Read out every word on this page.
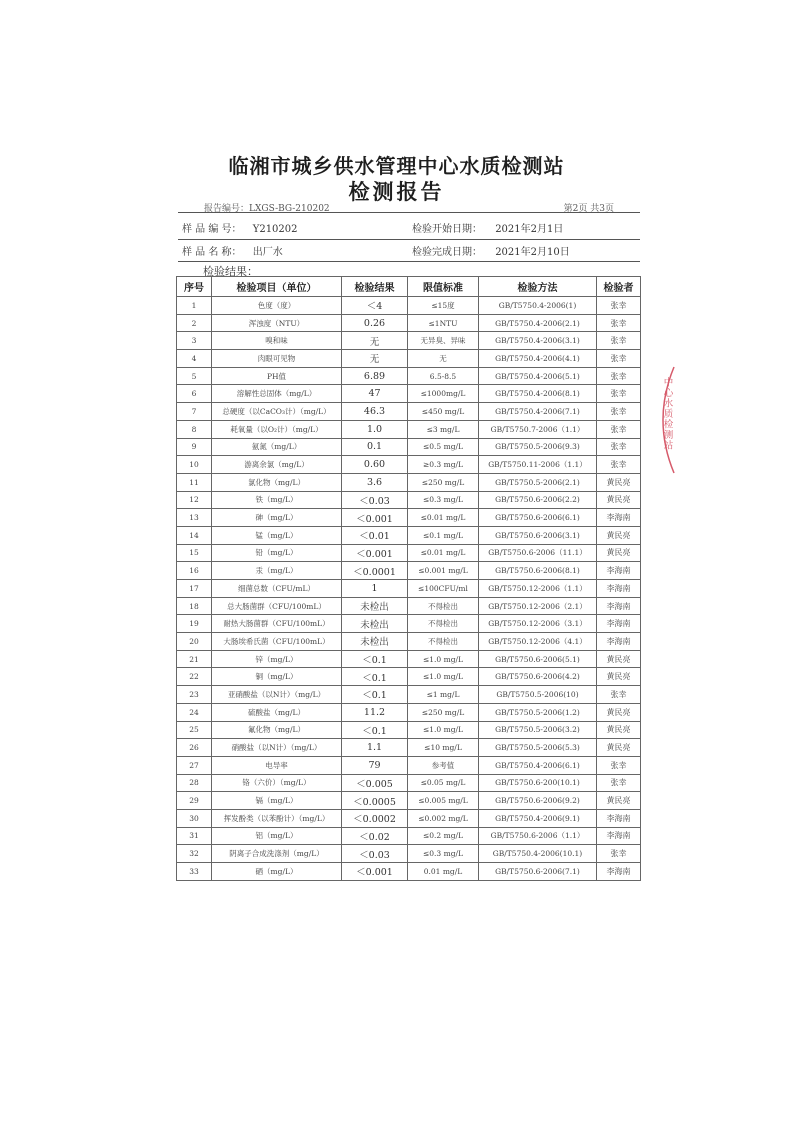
临湘市城乡供水管理中心水质检测站
检测报告
报告编号：LXGS-BG-210202	第2页 共3页
样 品 编 号： Y210202	检验开始日期： 2021年2月1日
样 品 名 称： 出厂水	检验完成日期： 2021年2月10日
检验结果：
序号	检验项目（单位）	检验结果	限值标准	检验方法	检验者
1	色度（度）	＜4	≤15度	GB/T5750.4-2006(1)	张幸
2	浑浊度（NTU）	0.26	≤1NTU	GB/T5750.4-2006(2.1)	张幸
3	嗅和味	无	无异臭、异味	GB/T5750.4-2006(3.1)	张幸
4	肉眼可见物	无	无	GB/T5750.4-2006(4.1)	张幸
5	PH值	6.89	6.5-8.5	GB/T5750.4-2006(5.1)	张幸
6	溶解性总固体（mg/L）	47	≤1000mg/L	GB/T5750.4-2006(8.1)	张幸
7	总硬度（以CaCO₃计）（mg/L）	46.3	≤450 mg/L	GB/T5750.4-2006(7.1)	张幸
8	耗氧量（以O₂计）（mg/L）	1.0	≤3 mg/L	GB/T5750.7-2006（1.1）	张幸
9	氨氮（mg/L）	0.1	≤0.5 mg/L	GB/T5750.5-2006(9.3)	张幸
10	游离余氯（mg/L）	0.60	≥0.3 mg/L	GB/T5750.11-2006（1.1）	张幸
11	氯化物（mg/L）	3.6	≤250 mg/L	GB/T5750.5-2006(2.1)	黄民亮
12	铁（mg/L）	＜0.03	≤0.3 mg/L	GB/T5750.6-2006(2.2)	黄民亮
13	砷（mg/L）	＜0.001	≤0.01 mg/L	GB/T5750.6-2006(6.1)	李海南
14	锰（mg/L）	＜0.01	≤0.1 mg/L	GB/T5750.6-2006(3.1)	黄民亮
15	铅（mg/L）	＜0.001	≤0.01 mg/L	GB/T5750.6-2006（11.1）	黄民亮
16	汞（mg/L）	＜0.0001	≤0.001 mg/L	GB/T5750.6-2006(8.1)	李海南
17	细菌总数（CFU/mL）	1	≤100CFU/ml	GB/T5750.12-2006（1.1）	李海南
18	总大肠菌群（CFU/100mL）	未检出	不得检出	GB/T5750.12-2006（2.1）	李海南
19	耐热大肠菌群（CFU/100mL）	未检出	不得检出	GB/T5750.12-2006（3.1）	李海南
20	大肠埃希氏菌（CFU/100mL）	未检出	不得检出	GB/T5750.12-2006（4.1）	李海南
21	锌（mg/L）	＜0.1	≤1.0 mg/L	GB/T5750.6-2006(5.1)	黄民亮
22	铜（mg/L）	＜0.1	≤1.0 mg/L	GB/T5750.6-2006(4.2)	黄民亮
23	亚硝酸盐（以N计）（mg/L）	＜0.1	≤1 mg/L	GB/T5750.5-2006(10)	张幸
24	硫酸盐（mg/L）	11.2	≤250 mg/L	GB/T5750.5-2006(1.2)	黄民亮
25	氟化物（mg/L）	＜0.1	≤1.0 mg/L	GB/T5750.5-2006(3.2)	黄民亮
26	硝酸盐（以N计）（mg/L）	1.1	≤10 mg/L	GB/T5750.5-2006(5.3)	黄民亮
27	电导率	79	参考值	GB/T5750.4-2006(6.1)	张幸
28	铬（六价）（mg/L）	＜0.005	≤0.05 mg/L	GB/T5750.6-200(10.1)	张幸
29	镉（mg/L）	＜0.0005	≤0.005 mg/L	GB/T5750.6-2006(9.2)	黄民亮
30	挥发酚类（以苯酚计）（mg/L）	＜0.0002	≤0.002 mg/L	GB/T5750.4-2006(9.1)	李海南
31	铝（mg/L）	＜0.02	≤0.2 mg/L	GB/T5750.6-2006（1.1）	李海南
32	阴离子合成洗涤剂（mg/L）	＜0.03	≤0.3 mg/L	GB/T5750.4-2006(10.1)	张幸
33	硒（mg/L）	＜0.001	0.01 mg/L	GB/T5750.6-2006(7.1)	李海南
中心水质检测站
